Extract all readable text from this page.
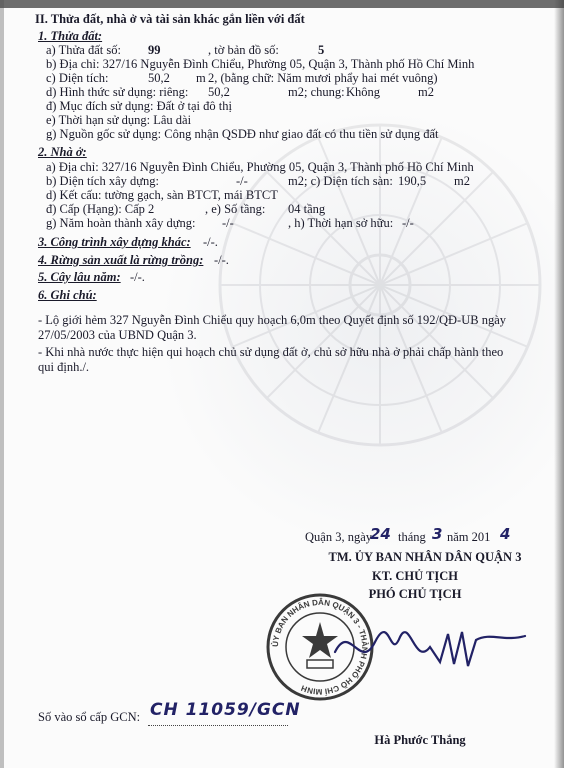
II. Thửa đất, nhà ở và tài sản khác gắn liền với đất
1. Thửa đất:
a) Thửa đất số: 99	, tờ bản đồ số:	5
b) Địa chỉ: 327/16 Nguyễn Đình Chiểu, Phường 05, Quận 3, Thành phố Hồ Chí Minh
c) Diện tích:	50,2 m 2, (bằng chữ: Năm mươi phẩy hai mét vuông)
d) Hình thức sử dụng: riêng: 50,2	m2; chung: Không	m2
đ) Mục đích sử dụng: Đất ở tại đô thị
e) Thời hạn sử dụng: Lâu dài
g) Nguồn gốc sử dụng: Công nhận QSDĐ như giao đất có thu tiền sử dụng đất
2. Nhà ở:
a) Địa chỉ: 327/16 Nguyễn Đình Chiểu, Phường 05, Quận 3, Thành phố Hồ Chí Minh
b) Diện tích xây dựng:	-/-	m2; c) Diện tích sàn: 190,5 m2
d) Kết cấu: tường gạch, sàn BTCT, mái BTCT
đ) Cấp (Hạng): Cấp 2	, e) Số tầng: 04 tầng
g) Năm hoàn thành xây dựng: -/-	, h) Thời hạn sở hữu: -/-
3. Công trình xây dựng khác: -/-.
4. Rừng sản xuất là rừng trồng: -/-.
5. Cây lâu năm: -/-.
6. Ghi chú:
- Lộ giới hẻm 327 Nguyễn Đình Chiểu quy hoạch 6,0m theo Quyết định số 192/QĐ-UB ngày 27/05/2003 của UBND Quận 3.
- Khi nhà nước thực hiện qui hoạch chủ sử dụng đất ở, chủ sở hữu nhà ở phải chấp hành theo qui định./.
Quận 3, ngày
24 tháng 3 năm 201 4
TM. ỦY BAN NHÂN DÂN QUẬN 3
KT. CHỦ TỊCH
PHÓ CHỦ TỊCH
ỦY BAN NHÂN DÂN QUẬN 3 - THÀNH PHỐ HỒ CHÍ MINH
Hà Phước Thắng
Số vào sổ cấp GCN: CH 11059/GCN
